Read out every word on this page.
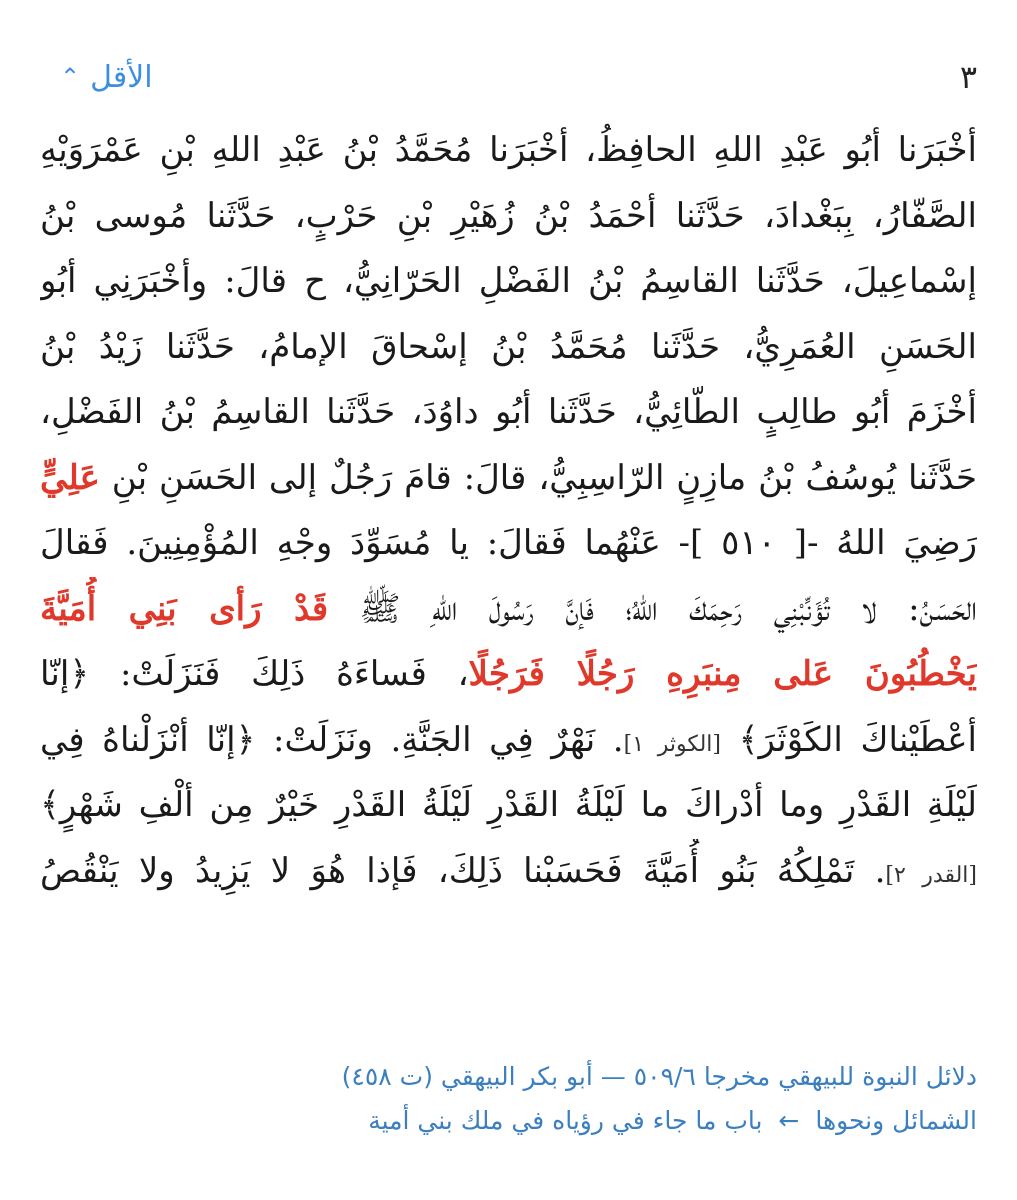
الأقل
⌃	٣
أخْبَرَنا أبُو عَبْدِ اللهِ الحافِظُ، أخْبَرَنا مُحَمَّدُ بْنُ عَبْدِ اللهِ بْنِ عَمْرَوَيْهِ
الصَّفّارُ، بِبَغْدادَ، حَدَّثَنا أحْمَدُ بْنُ زُهَيْرِ بْنِ حَرْبٍ، حَدَّثَنا مُوسى بْنُ
إسْماعِيلَ، حَدَّثَنا القاسِمُ بْنُ الفَضْلِ الحَرّانِيُّ، ح قالَ: وأخْبَرَنِي أبُو
الحَسَنِ العُمَرِيُّ، حَدَّثَنا مُحَمَّدُ بْنُ إسْحاقَ الإمامُ، حَدَّثَنا زَيْدُ بْنُ
أخْزَمَ أبُو طالِبٍ الطّائِيُّ، حَدَّثَنا أبُو داوُدَ، حَدَّثَنا القاسِمُ بْنُ الفَضْلِ،
حَدَّثَنا يُوسُفُ بْنُ مازِنٍ الرّاسِبِيُّ، قالَ: قامَ رَجُلٌ إلى الحَسَنِ بْنِ عَلِيٍّ
رَضِيَ اللهُ -[ ٥١٠ ]- عَنْهُما فَقالَ: يا مُسَوِّدَ وجْهِ المُؤْمِنِينَ. فَقالَ
الحَسَنُ: لا تُؤَنِّبْنِي رَحِمَكَ اللهُ؛ فَإنَّ رَسُولَ اللهِ ﷺ قَدْ رَأى بَنِي أُمَيَّةَ
يَخْطُبُونَ عَلى مِنبَرِهِ رَجُلًا فَرَجُلًا، فَساءَهُ ذَلِكَ فَنَزَلَتْ: ﴿إنّا
أعْطَيْناكَ الكَوْثَرَ﴾ [الكوثر ١]. نَهْرٌ فِي الجَنَّةِ. ونَزَلَتْ: ﴿إنّا أنْزَلْناهُ فِي
لَيْلَةِ القَدْرِ وما أدْراكَ ما لَيْلَةُ القَدْرِ لَيْلَةُ القَدْرِ خَيْرٌ مِن ألْفِ شَهْرٍ﴾
[القدر ٢]. تَمْلِكُهُ بَنُو أُمَيَّةَ فَحَسَبْنا ذَلِكَ، فَإذا هُوَ لا يَزِيدُ ولا يَنْقُصُ
دلائل النبوة للبيهقي مخرجا ٥٠٩/٦ — أبو بكر البيهقي (ت ٤٥٨)
الشمائل ونحوها ← باب ما جاء في رؤياه في ملك بني أمية
